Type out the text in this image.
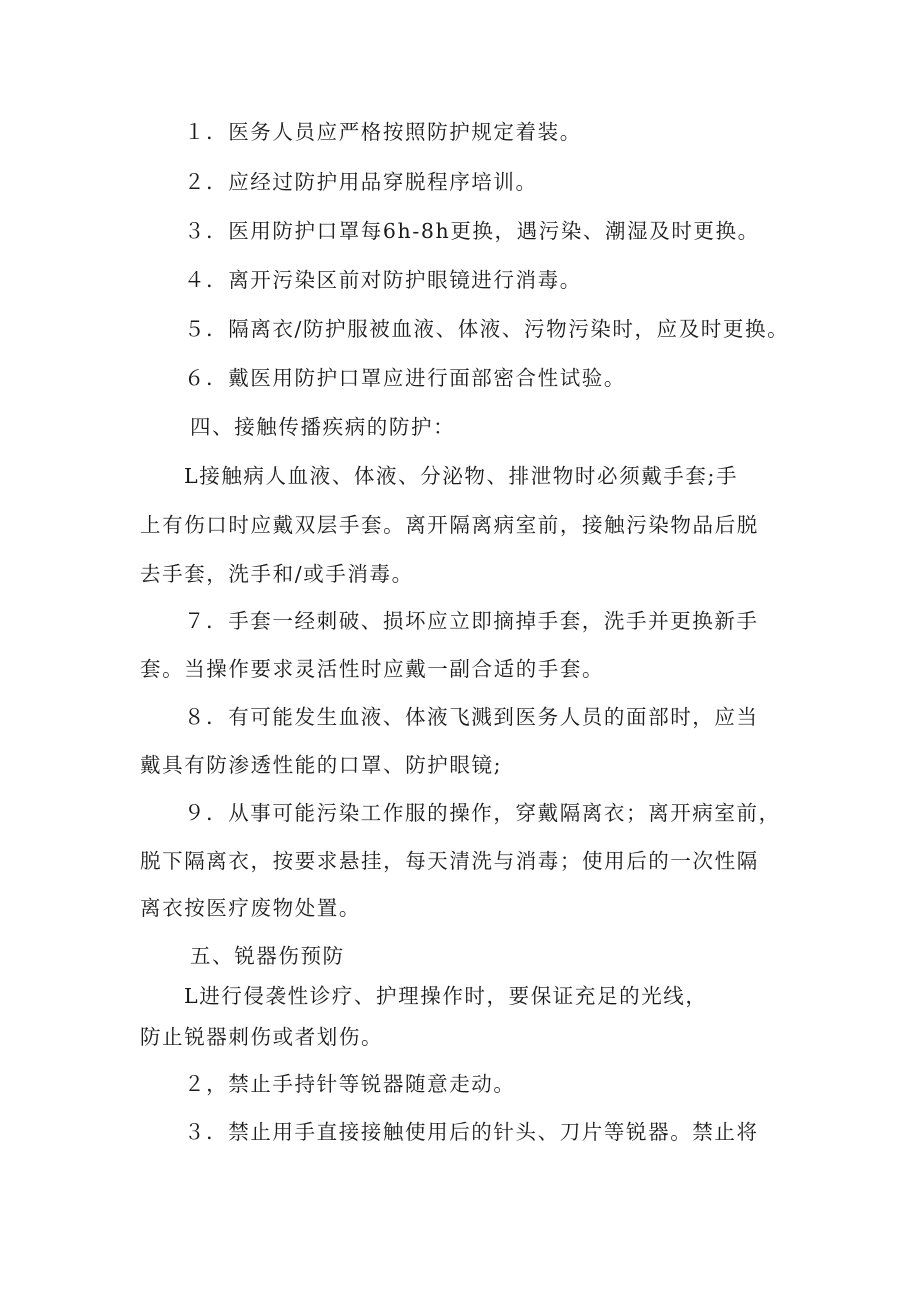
１．医务人员应严格按照防护规定着装。
２．应经过防护用品穿脱程序培训。
３．医用防护口罩每6h-8h更换，遇污染、潮湿及时更换。
４．离开污染区前对防护眼镜进行消毒。
５．隔离衣/防护服被血液、体液、污物污染时，应及时更换。
６．戴医用防护口罩应进行面部密合性试验。
四、接触传播疾病的防护：
L接触病人血液、体液、分泌物、排泄物时必须戴手套;手
上有伤口时应戴双层手套。离开隔离病室前，接触污染物品后脱
去手套，洗手和/或手消毒。
７．手套一经刺破、损坏应立即摘掉手套，洗手并更换新手
套。当操作要求灵活性时应戴一副合适的手套。
８．有可能发生血液、体液飞溅到医务人员的面部时，应当
戴具有防渗透性能的口罩、防护眼镜;
９．从事可能污染工作服的操作，穿戴隔离衣；离开病室前，
脱下隔离衣，按要求悬挂，每天清洗与消毒；使用后的一次性隔
离衣按医疗废物处置。
五、锐器伤预防
L进行侵袭性诊疗、护理操作时，要保证充足的光线，
防止锐器刺伤或者划伤。
２，禁止手持针等锐器随意走动。
３．禁止用手直接接触使用后的针头、刀片等锐器。禁止将
